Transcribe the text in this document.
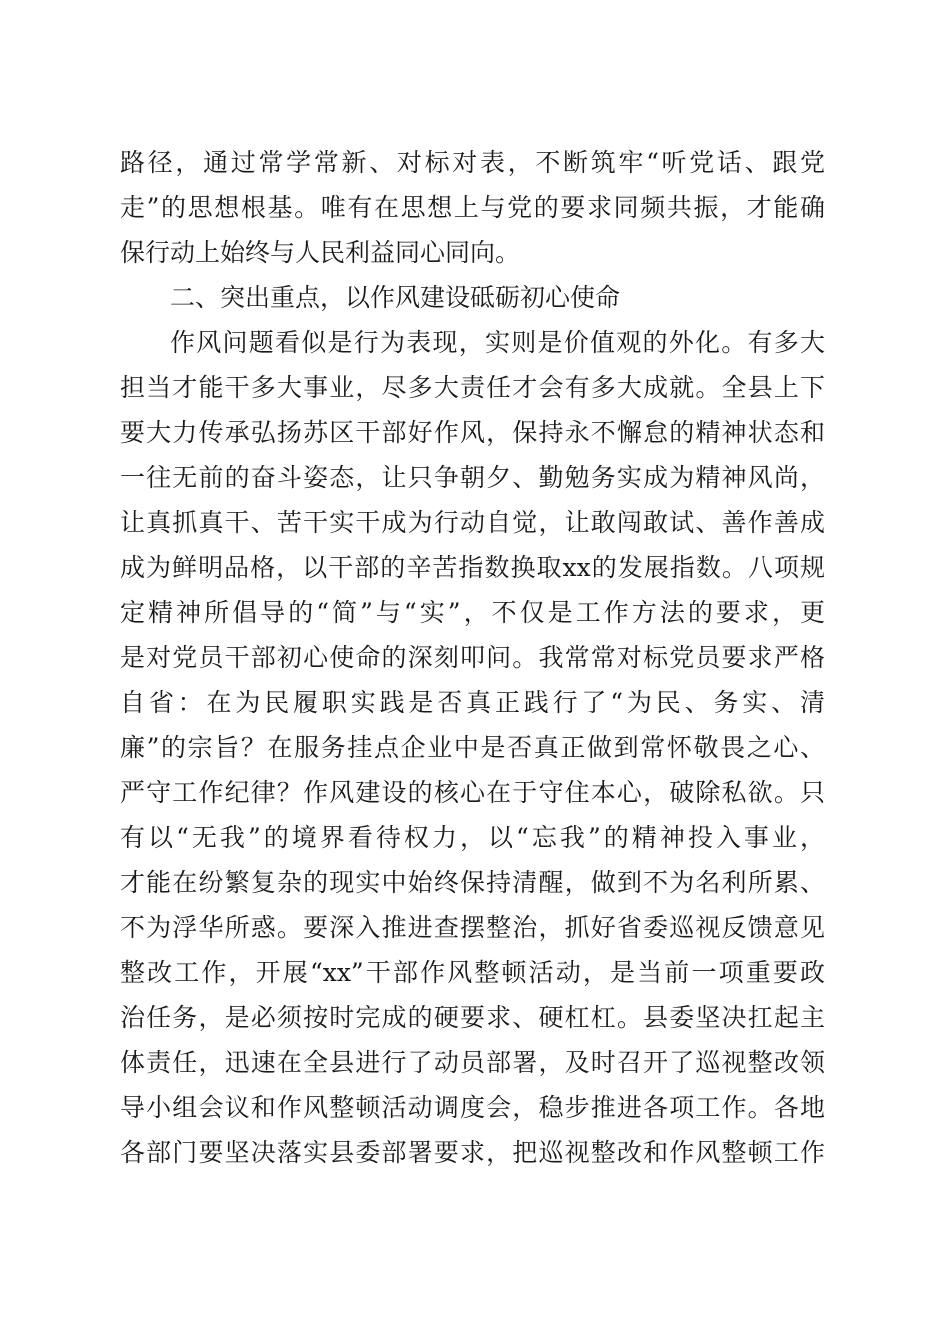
路径，通过常学常新、对标对表，不断筑牢“听党话、跟党
走”的思想根基。唯有在思想上与党的要求同频共振，才能确
保行动上始终与人民利益同心同向。
二、突出重点，以作风建设砥砺初心使命
作风问题看似是行为表现，实则是价值观的外化。有多大
担当才能干多大事业，尽多大责任才会有多大成就。全县上下
要大力传承弘扬苏区干部好作风，保持永不懈怠的精神状态和
一往无前的奋斗姿态，让只争朝夕、勤勉务实成为精神风尚，
让真抓真干、苦干实干成为行动自觉，让敢闯敢试、善作善成
成为鲜明品格，以干部的辛苦指数换取xx的发展指数。八项规
定精神所倡导的“简”与“实”，不仅是工作方法的要求，更
是对党员干部初心使命的深刻叩问。我常常对标党员要求严格
自省：在为民履职实践是否真正践行了“为民、务实、清
廉”的宗旨？在服务挂点企业中是否真正做到常怀敬畏之心、
严守工作纪律？作风建设的核心在于守住本心，破除私欲。只
有以“无我”的境界看待权力，以“忘我”的精神投入事业，
才能在纷繁复杂的现实中始终保持清醒，做到不为名利所累、
不为浮华所惑。要深入推进查摆整治，抓好省委巡视反馈意见
整改工作，开展“xx”干部作风整顿活动，是当前一项重要政
治任务，是必须按时完成的硬要求、硬杠杠。县委坚决扛起主
体责任，迅速在全县进行了动员部署，及时召开了巡视整改领
导小组会议和作风整顿活动调度会，稳步推进各项工作。各地
各部门要坚决落实县委部署要求，把巡视整改和作风整顿工作
